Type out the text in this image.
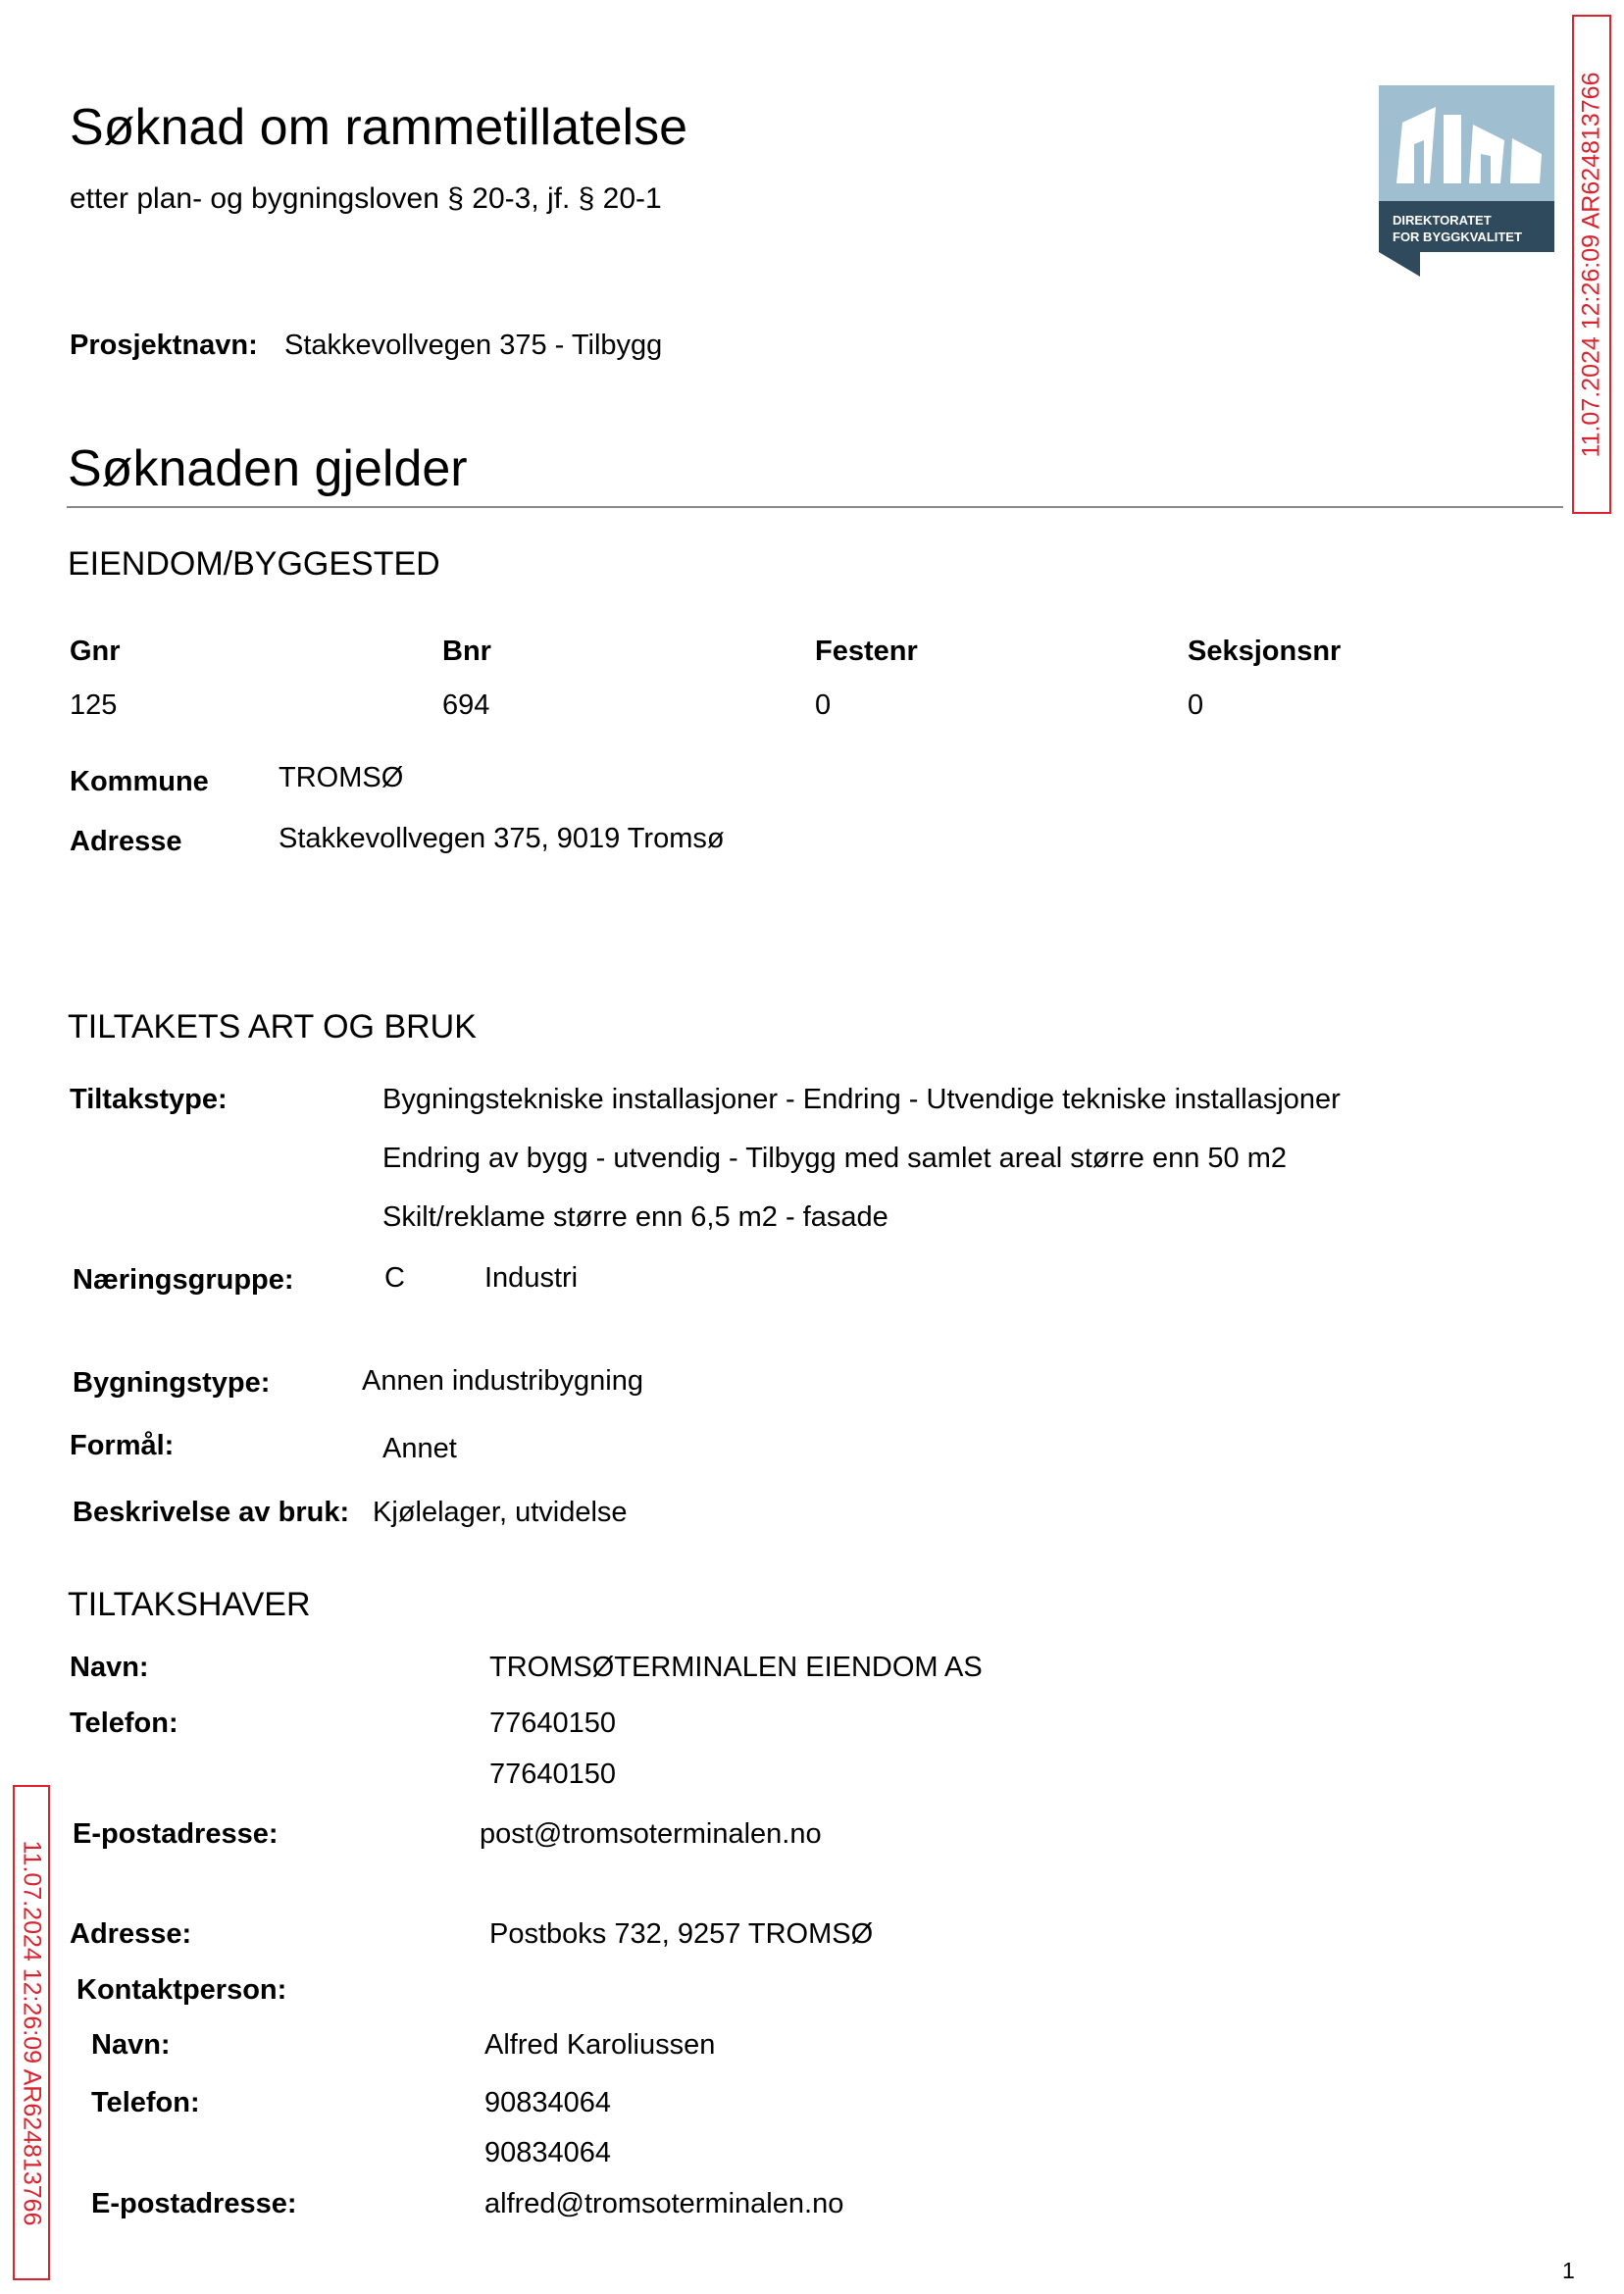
Søknad om rammetillatelse
etter plan- og bygningsloven § 20-3, jf. § 20-1
DIREKTORATET
FOR BYGGKVALITET 11.07.2024 12:26:09 AR624813766
11.07.2024 12:26:09 AR624813766
Prosjektnavn: Stakkevollvegen 375 - Tilbygg
Søknaden gjelder
EIENDOM/BYGGESTED
Gnr	Bnr	Festenr	Seksjonsnr
125	694	0	0
Kommune TROMSØ
Adresse	Stakkevollvegen 375, 9019 Tromsø
TILTAKETS ART OG BRUK
Tiltakstype:	Bygningstekniske installasjoner - Endring - Utvendige tekniske installasjoner
Endring av bygg - utvendig - Tilbygg med samlet areal større enn 50 m2
Skilt/reklame større enn 6,5 m2 - fasade
Næringsgruppe:	C	Industri
Bygningstype:	Annen industribygning
Formål:	Annet
Beskrivelse av bruk: Kjølelager, utvidelse
TILTAKSHAVER
Navn:	TROMSØTERMINALEN EIENDOM AS
Telefon:	77640150
77640150
E-postadresse:	post@tromsoterminalen.no
Adresse:	Postboks 732, 9257 TROMSØ
Kontaktperson:
Navn:	Alfred Karoliussen
Telefon:	90834064
90834064
E-postadresse:	alfred@tromsoterminalen.no
1
